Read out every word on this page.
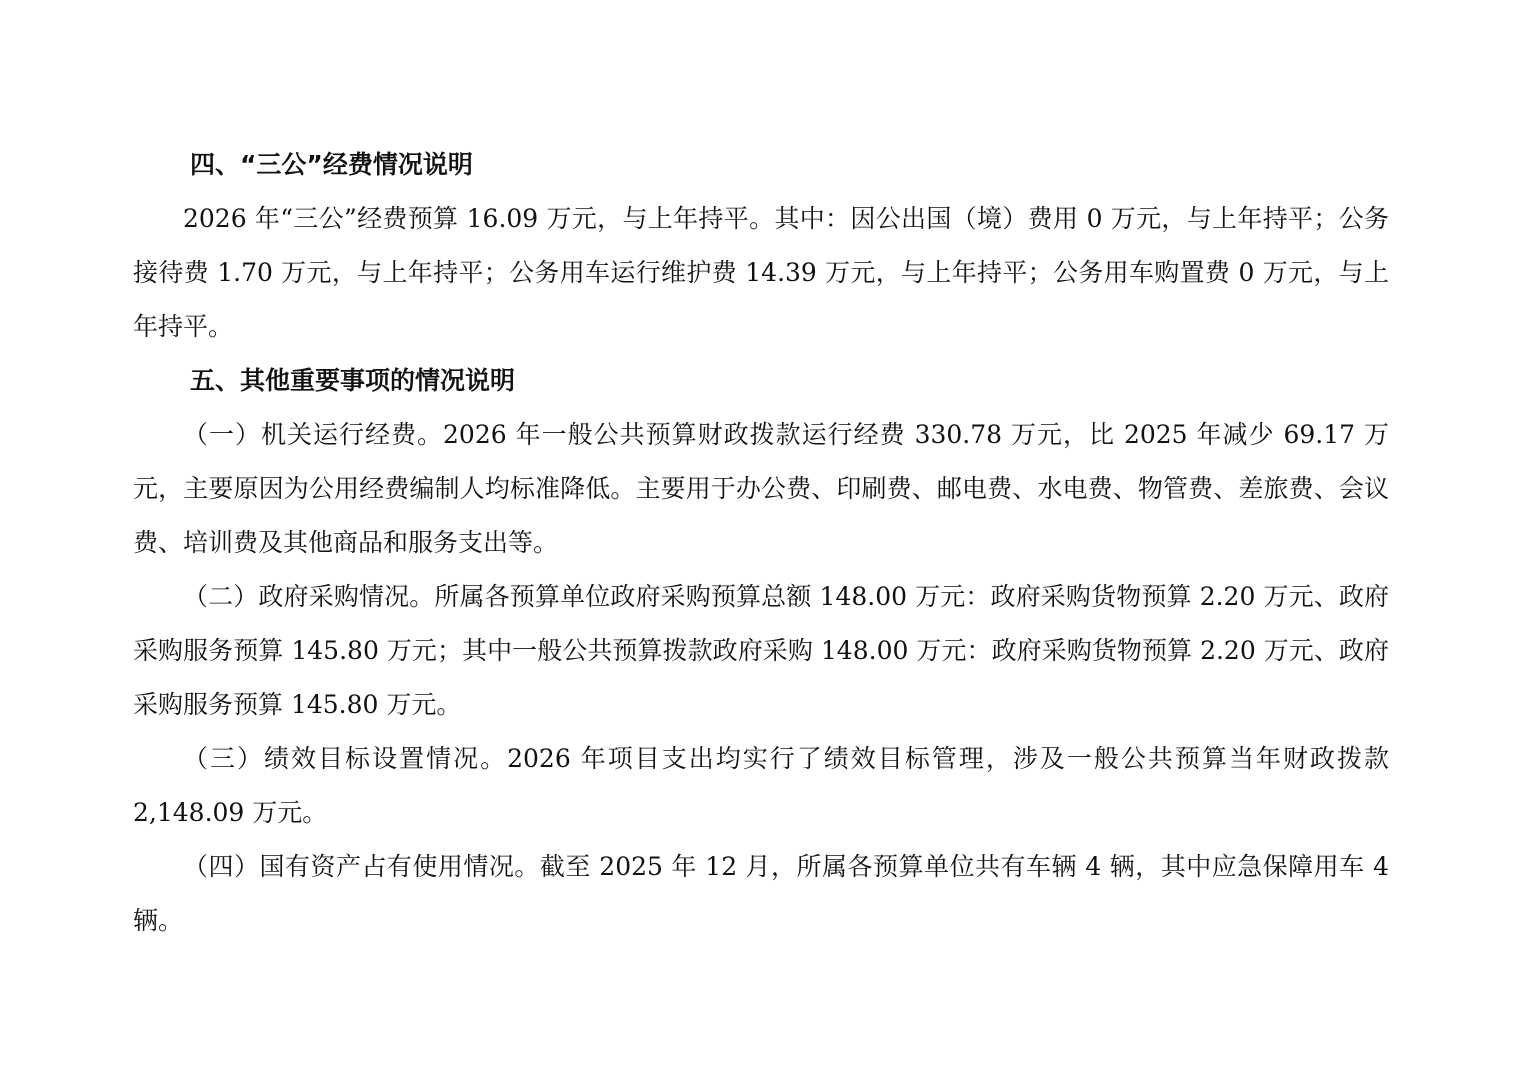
四、“三公”经费情况说明

2026 年“三公”经费预算 16.09 万元，与上年持平。其中：因公出国（境）费用 0 万元，与上年持平；公务接待费 1.70 万元，与上年持平；公务用车运行维护费 14.39 万元，与上年持平；公务用车购置费 0 万元，与上年持平。

五、其他重要事项的情况说明

（一）机关运行经费。2026 年一般公共预算财政拨款运行经费 330.78 万元，比 2025 年减少 69.17 万元，主要原因为公用经费编制人均标准降低。主要用于办公费、印刷费、邮电费、水电费、物管费、差旅费、会议费、培训费及其他商品和服务支出等。

（二）政府采购情况。所属各预算单位政府采购预算总额 148.00 万元：政府采购货物预算 2.20 万元、政府采购服务预算 145.80 万元；其中一般公共预算拨款政府采购 148.00 万元：政府采购货物预算 2.20 万元、政府采购服务预算 145.80 万元。

（三）绩效目标设置情况。2026 年项目支出均实行了绩效目标管理，涉及一般公共预算当年财政拨款 2,148.09 万元。

（四）国有资产占有使用情况。截至 2025 年 12 月，所属各预算单位共有车辆 4 辆，其中应急保障用车 4 辆。
